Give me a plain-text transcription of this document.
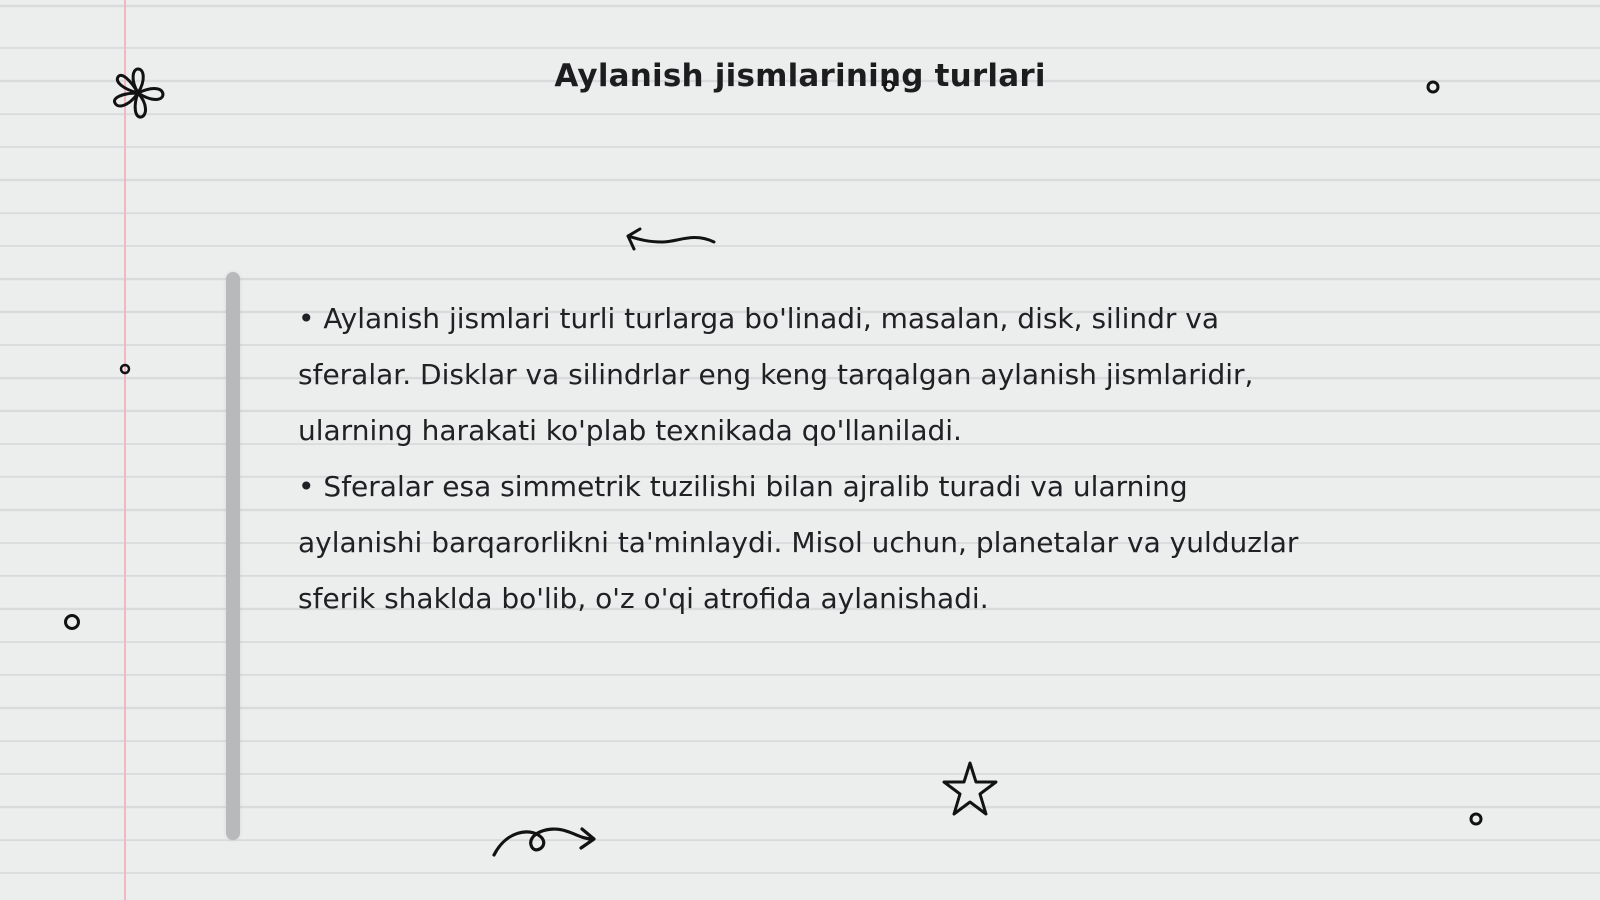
Aylanish jismlarining turlari

• Aylanish jismlari turli turlarga bo'linadi, masalan, disk, silindr va sferalar. Disklar va silindrlar eng keng tarqalgan aylanish jismlaridir, ularning harakati ko'plab texnikada qo'llaniladi.

• Sferalar esa simmetrik tuzilishi bilan ajralib turadi va ularning aylanishi barqarorlikni ta'minlaydi. Misol uchun, planetalar va yulduzlar sferik shaklda bo'lib, o'z o'qi atrofida aylanishadi.
